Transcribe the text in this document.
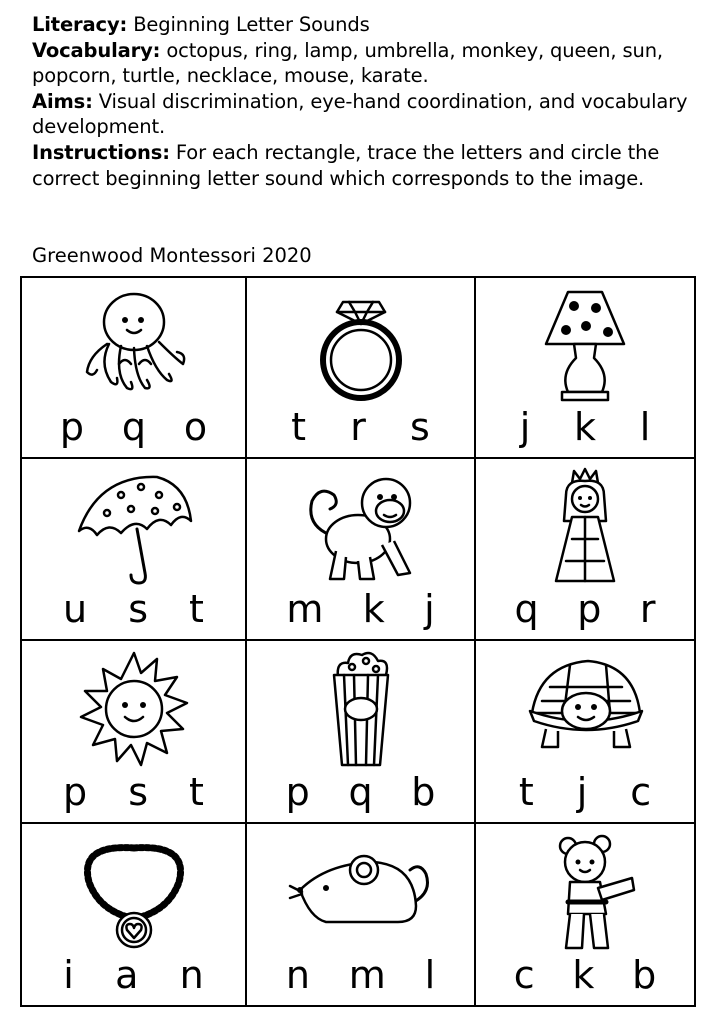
Literacy: Beginning Letter Sounds

Vocabulary: octopus, ring, lamp, umbrella, monkey, queen, sun, popcorn, turtle, necklace, mouse, karate.

Aims: Visual discrimination, eye-hand coordination, and vocabulary development.

Instructions: For each rectangle, trace the letters and circle the correct beginning letter sound which corresponds to the image.

Greenwood Montessori 2020
p q o t r s j k l
u s t m k j q p r
p s t p q b t j c
i a n n m l c k b
